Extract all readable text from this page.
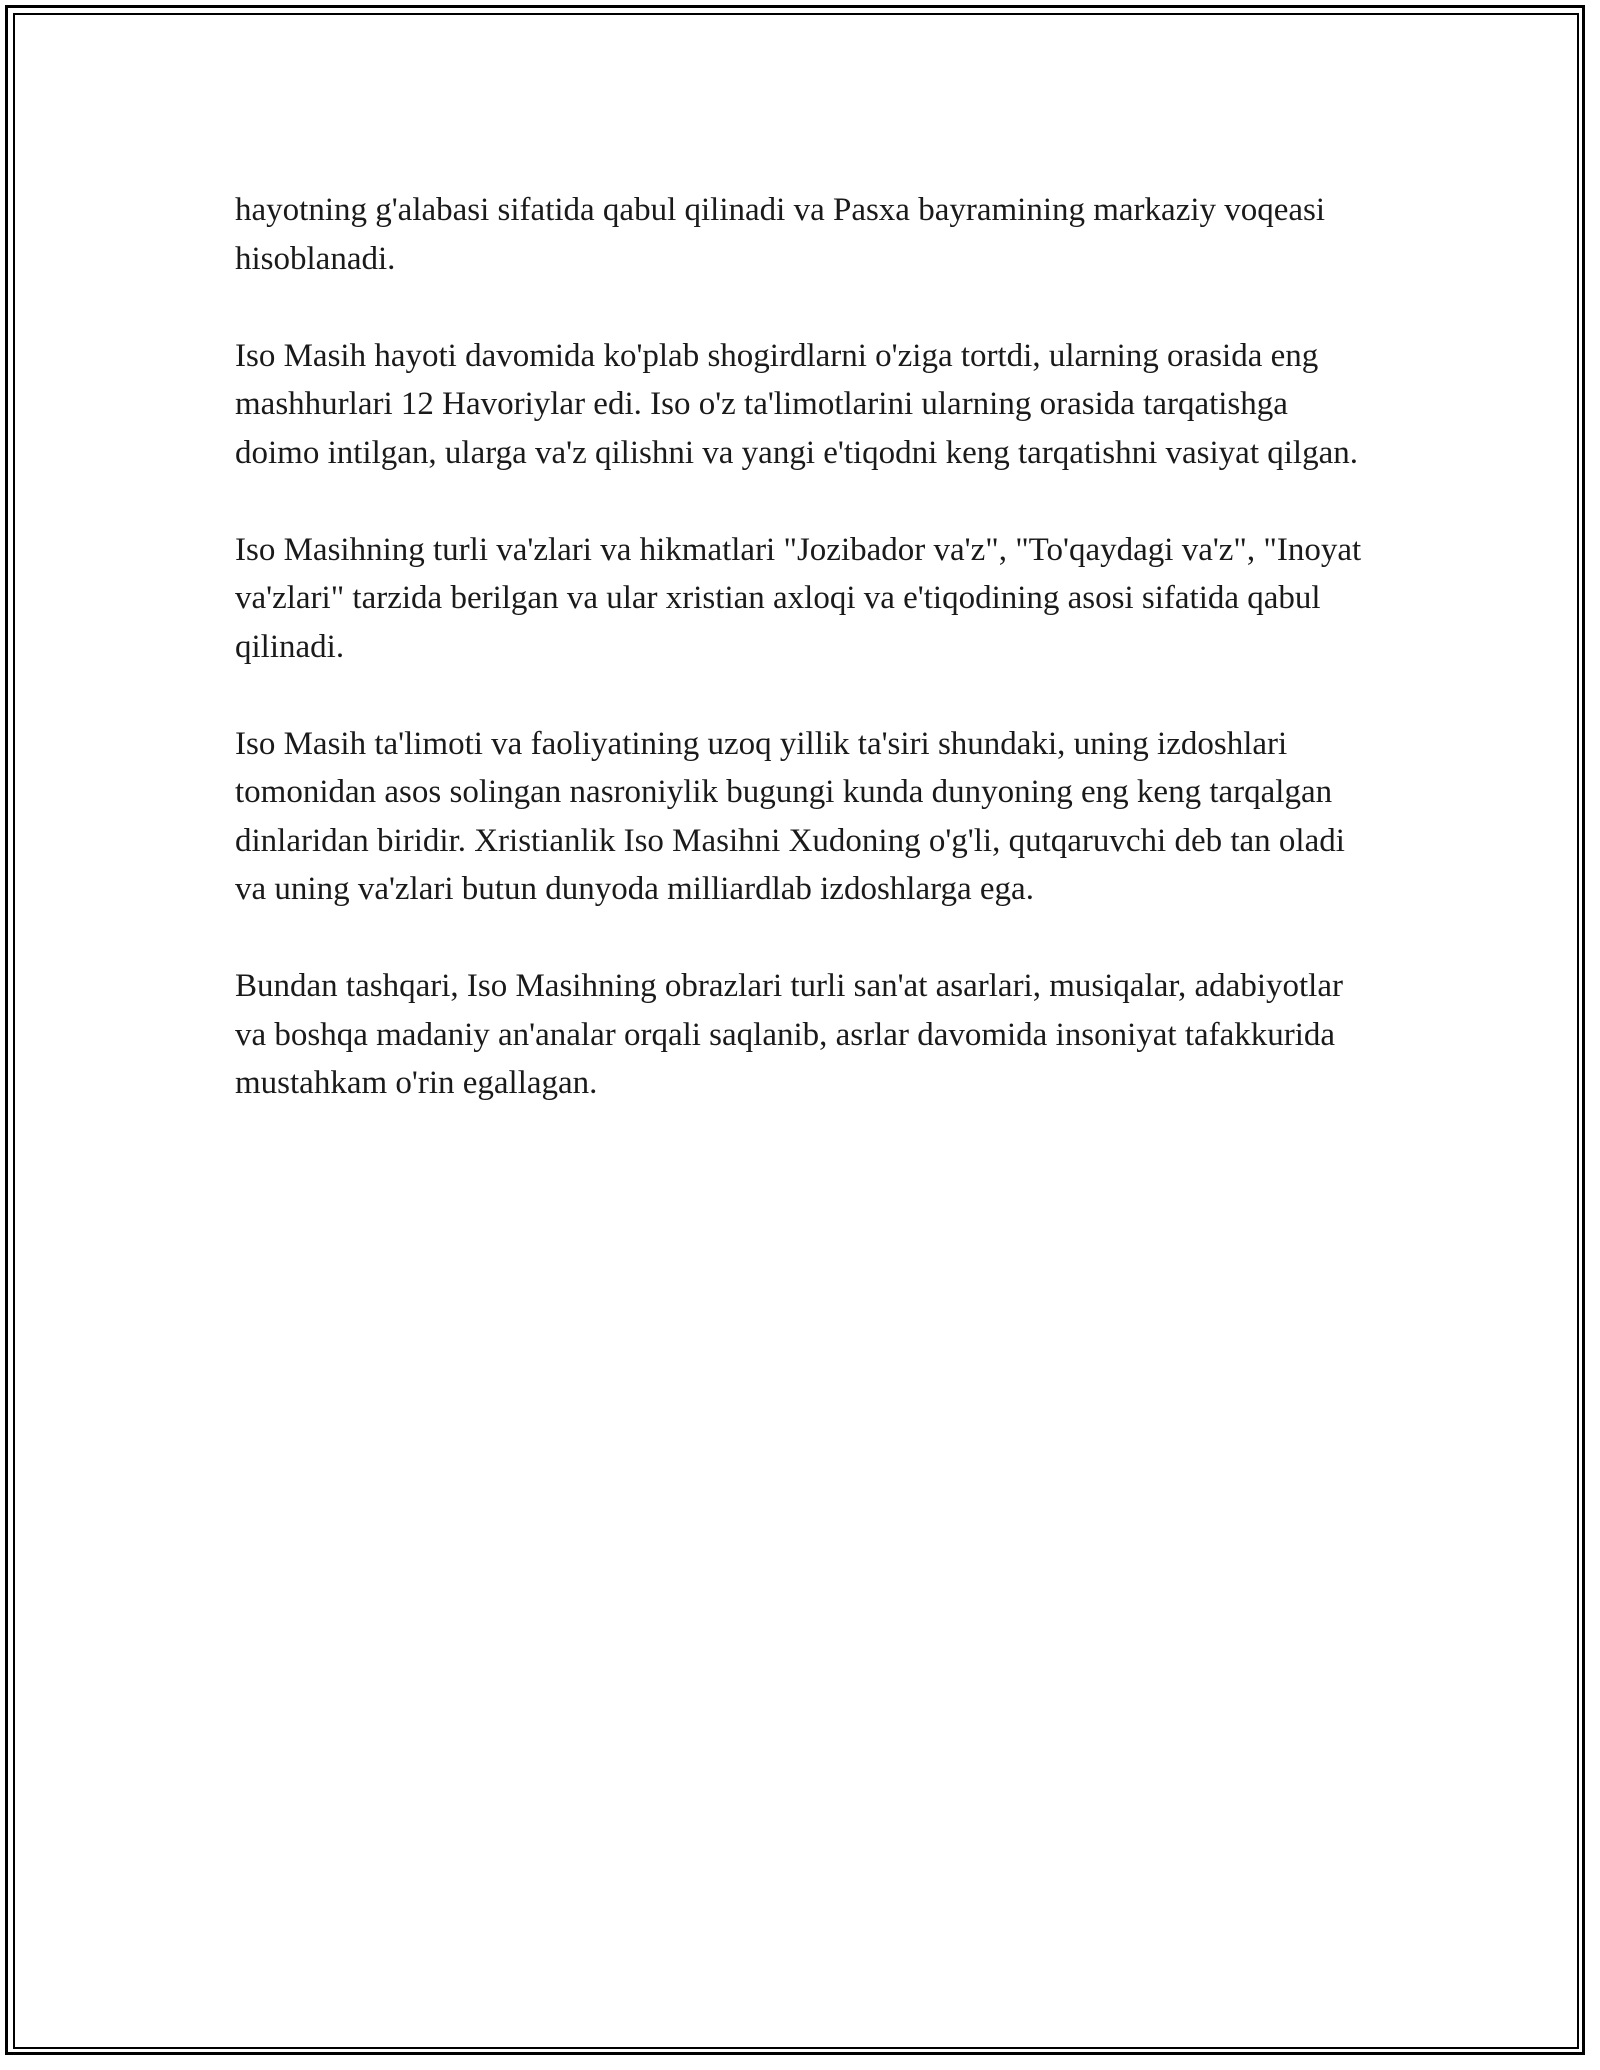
hayotning g'alabasi sifatida qabul qilinadi va Pasxa bayramining markaziy voqeasi hisoblanadi.

Iso Masih hayoti davomida ko'plab shogirdlarni o'ziga tortdi, ularning orasida eng mashhurlari 12 Havoriylar edi. Iso o'z ta'limotlarini ularning orasida tarqatishga doimo intilgan, ularga va'z qilishni va yangi e'tiqodni keng tarqatishni vasiyat qilgan.

Iso Masihning turli va'zlari va hikmatlari "Jozibador va'z", "To'qaydagi va'z", "Inoyat va'zlari" tarzida berilgan va ular xristian axloqi va e'tiqodining asosi sifatida qabul qilinadi.

Iso Masih ta'limoti va faoliyatining uzoq yillik ta'siri shundaki, uning izdoshlari tomonidan asos solingan nasroniylik bugungi kunda dunyoning eng keng tarqalgan dinlaridan biridir. Xristianlik Iso Masihni Xudoning o'g'li, qutqaruvchi deb tan oladi va uning va'zlari butun dunyoda milliardlab izdoshlarga ega.

Bundan tashqari, Iso Masihning obrazlari turli san'at asarlari, musiqalar, adabiyotlar va boshqa madaniy an'analar orqali saqlanib, asrlar davomida insoniyat tafakkurida mustahkam o'rin egallagan.
